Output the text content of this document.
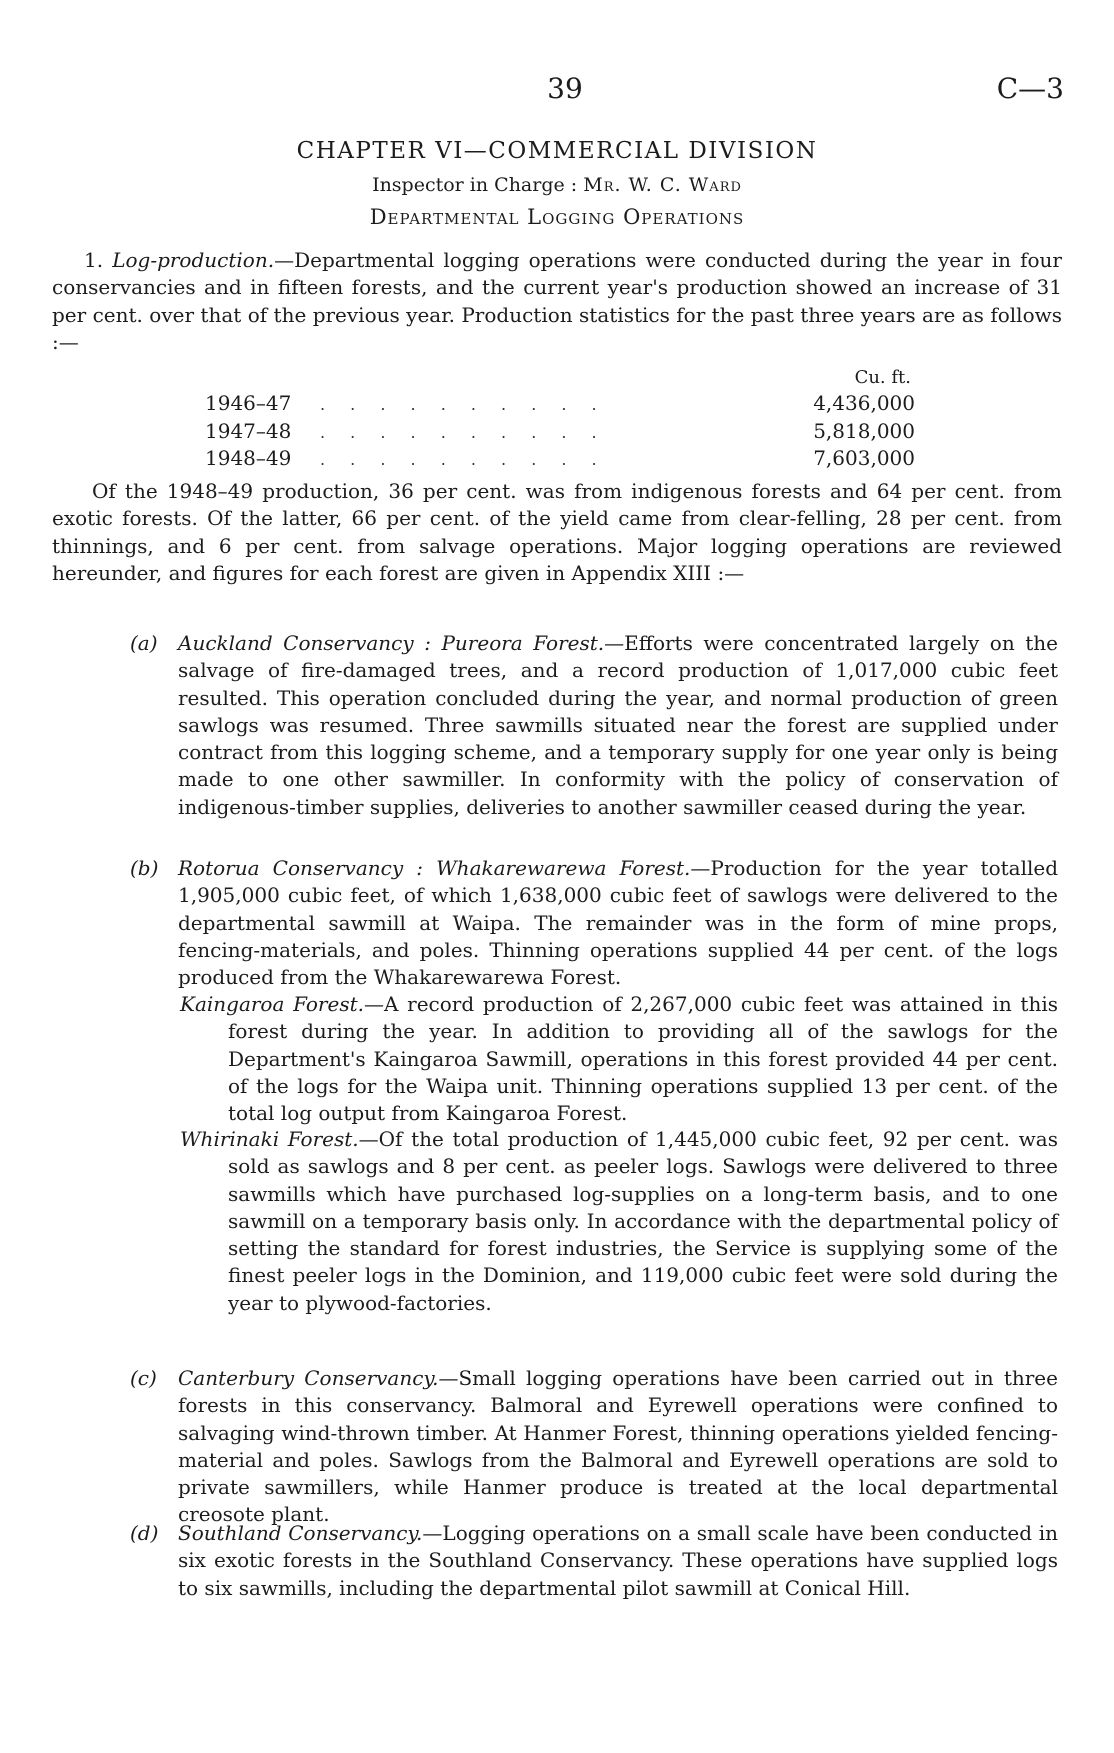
39	C—3
CHAPTER VI—COMMERCIAL DIVISION
Inspector in Charge : Mr. W. C. Ward
Departmental Logging Operations
1. Log-production.—Departmental logging operations were conducted during the year in four conservancies and in fifteen forests, and the current year's production showed an increase of 31 per cent. over that of the previous year. Production statistics for the past three years are as follows :—
Cu. ft.
1946–47	. . . . . . . . . .	4,436,000
1947–48	. . . . . . . . . .	5,818,000
1948–49	. . . . . . . . . .	7,603,000
Of the 1948–49 production, 36 per cent. was from indigenous forests and 64 per cent. from exotic forests. Of the latter, 66 per cent. of the yield came from clear-felling, 28 per cent. from thinnings, and 6 per cent. from salvage operations. Major logging operations are reviewed hereunder, and figures for each forest are given in Appendix XIII :—
(a) Auckland Conservancy : Pureora Forest.—Efforts were concentrated largely on the salvage of fire-damaged trees, and a record production of 1,017,000 cubic feet resulted. This operation concluded during the year, and normal production of green sawlogs was resumed. Three sawmills situated near the forest are supplied under contract from this logging scheme, and a temporary supply for one year only is being made to one other sawmiller. In conformity with the policy of conservation of indigenous-timber supplies, deliveries to another sawmiller ceased during the year.

(b) Rotorua Conservancy : Whakarewarewa Forest.—Production for the year totalled 1,905,000 cubic feet, of which 1,638,000 cubic feet of sawlogs were delivered to the departmental sawmill at Waipa. The remainder was in the form of mine props, fencing-materials, and poles. Thinning operations supplied 44 per cent. of the logs produced from the Whakarewarewa Forest.

Kaingaroa Forest.—A record production of 2,267,000 cubic feet was attained in this forest during the year. In addition to providing all of the sawlogs for the Department's Kaingaroa Sawmill, operations in this forest provided 44 per cent. of the logs for the Waipa unit. Thinning operations supplied 13 per cent. of the total log output from Kaingaroa Forest.

Whirinaki Forest.—Of the total production of 1,445,000 cubic feet, 92 per cent. was sold as sawlogs and 8 per cent. as peeler logs. Sawlogs were delivered to three sawmills which have purchased log-supplies on a long-term basis, and to one sawmill on a temporary basis only. In accordance with the departmental policy of setting the standard for forest industries, the Service is supplying some of the finest peeler logs in the Dominion, and 119,000 cubic feet were sold during the year to plywood-factories.

(c) Canterbury Conservancy.—Small logging operations have been carried out in three forests in this conservancy. Balmoral and Eyrewell operations were confined to salvaging wind-thrown timber. At Hanmer Forest, thinning operations yielded fencing-material and poles. Sawlogs from the Balmoral and Eyrewell operations are sold to private sawmillers, while Hanmer produce is treated at the local departmental creosote plant.

(d) Southland Conservancy.—Logging operations on a small scale have been conducted in six exotic forests in the Southland Conservancy. These operations have supplied logs to six sawmills, including the departmental pilot sawmill at Conical Hill.
